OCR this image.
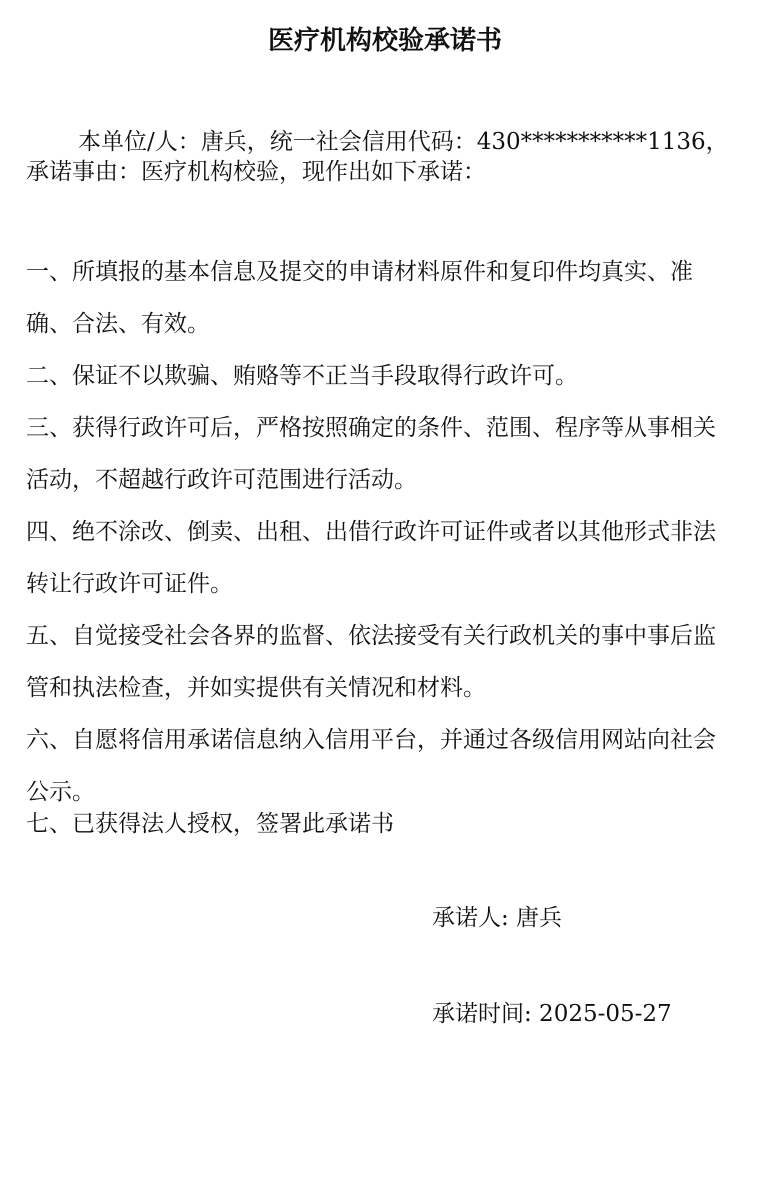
医疗机构校验承诺书
本单位/人：唐兵，统一社会信用代码：430***********1136，承诺事由：医疗机构校验，现作出如下承诺：

一、所填报的基本信息及提交的申请材料原件和复印件均真实、准确、合法、有效。

二、保证不以欺骗、贿赂等不正当手段取得行政许可。

三、获得行政许可后，严格按照确定的条件、范围、程序等从事相关活动，不超越行政许可范围进行活动。

四、绝不涂改、倒卖、出租、出借行政许可证件或者以其他形式非法转让行政许可证件。

五、自觉接受社会各界的监督、依法接受有关行政机关的事中事后监管和执法检查，并如实提供有关情况和材料。

六、自愿将信用承诺信息纳入信用平台，并通过各级信用网站向社会公示。

七、已获得法人授权，签署此承诺书

承诺人: 唐兵
承诺时间: 2025-05-27
